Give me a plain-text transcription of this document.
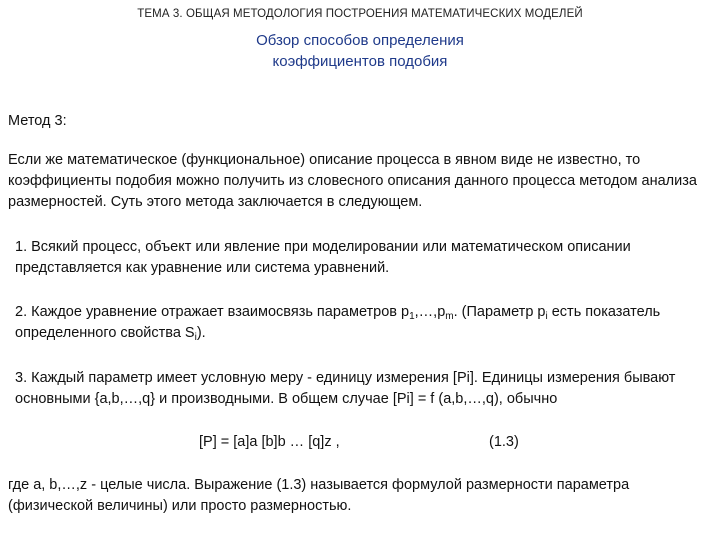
ТЕМА 3. ОБЩАЯ МЕТОДОЛОГИЯ ПОСТРОЕНИЯ МАТЕМАТИЧЕСКИХ МОДЕЛЕЙ
Обзор способов определения
коэффициентов подобия
Метод 3:
Если же математическое (функциональное) описание процесса в явном виде не известно, то коэффициенты подобия можно получить из словесного описания данного процесса методом анализа размерностей. Суть этого метода заключается в следующем.
1. Всякий процесс, объект или явление при моделировании или математическом описании представляется как уравнение или система уравнений.
2. Каждое уравнение отражает взаимосвязь параметров $p_1,\dots,p_m$. (Параметр $p_i$ есть показатель определенного свойства $S_i$).
3. Каждый параметр имеет условную меру - единицу измерения [Pi]. Единицы измерения бывают основными {a,b,…,q} и производными. В общем случае [Pi] = f (a,b,…,q), обычно
[P] = [a]a [b]b … [q]z ,	(1.3)
где a, b,…,z - целые числа. Выражение (1.3) называется формулой размерности параметра (физической величины) или просто размерностью.
